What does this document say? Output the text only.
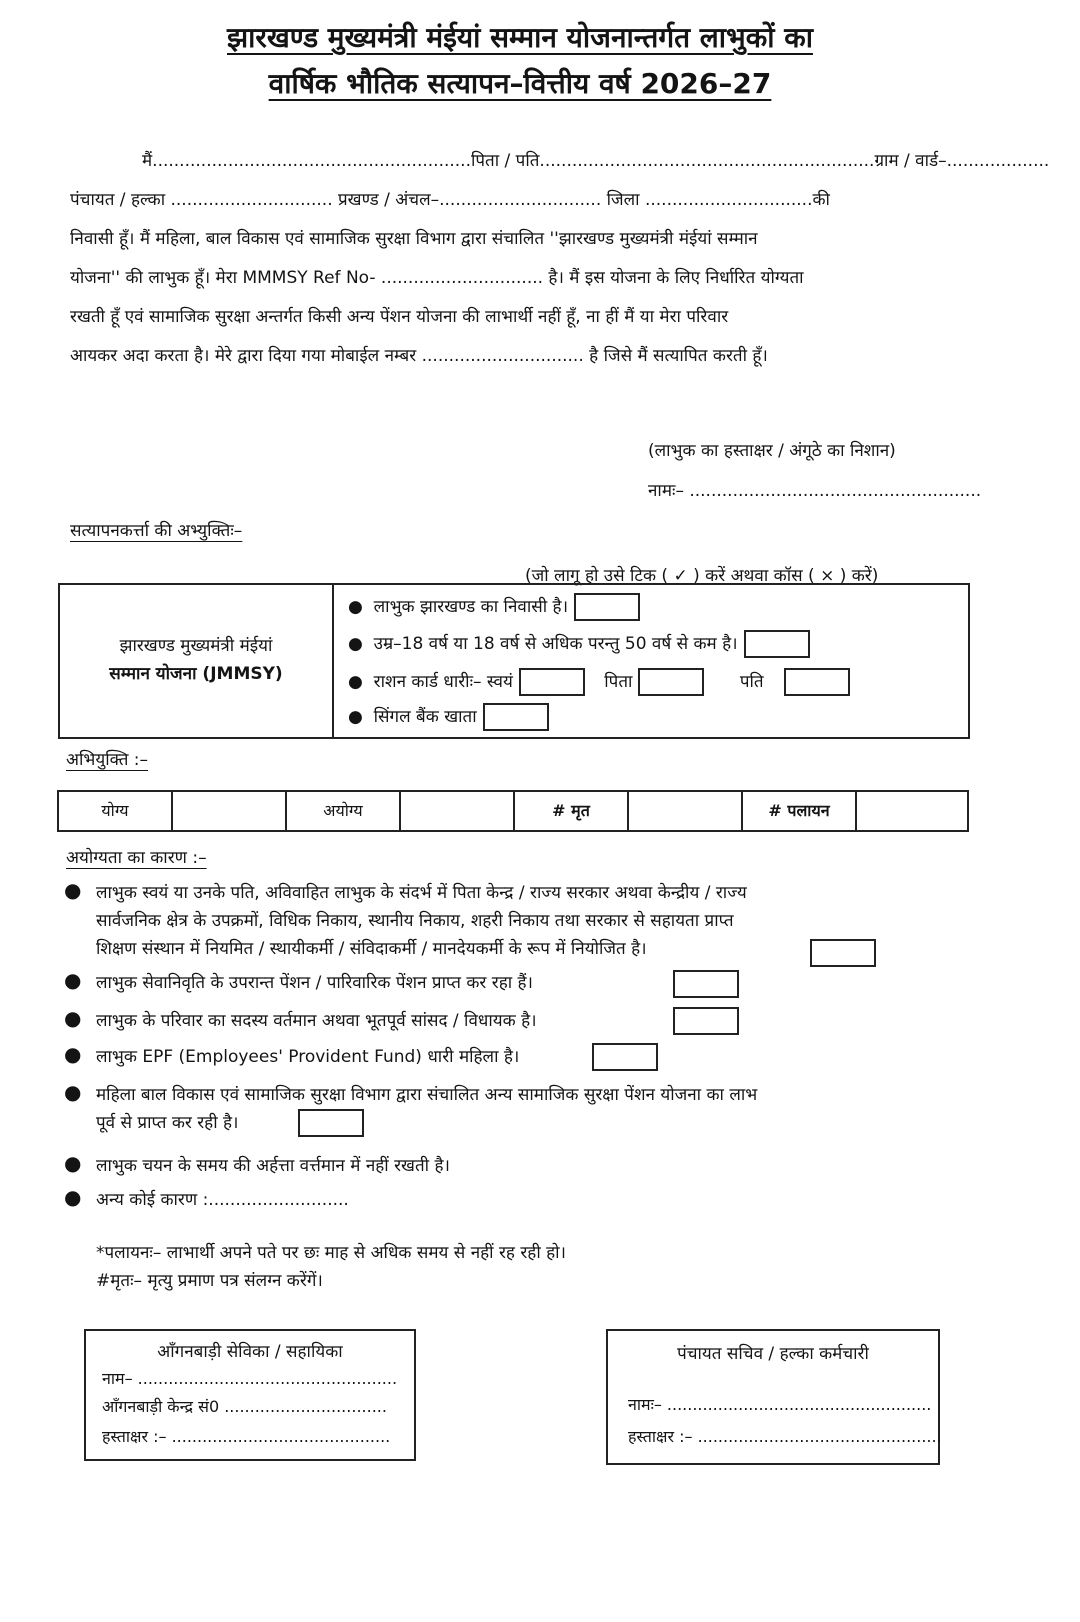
झारखण्ड मुख्यमंत्री मंईयां सम्मान योजनान्तर्गत लाभुकों का
वार्षिक भौतिक सत्यापन–वित्तीय वर्ष 2026–27
मैं...........................................................पिता / पति..............................................................ग्राम / वार्ड–...................
पंचायत / हल्का .............................. प्रखण्ड / अंचल–.............................. जिला ...............................की
निवासी हूँ। मैं महिला, बाल विकास एवं सामाजिक सुरक्षा विभाग द्वारा संचालित ''झारखण्ड मुख्यमंत्री मंईयां सम्मान
योजना'' की लाभुक हूँ। मेरा MMMSY Ref No- .............................. है। मैं इस योजना के लिए निर्धारित योग्यता
रखती हूँ एवं सामाजिक सुरक्षा अन्तर्गत किसी अन्य पेंशन योजना की लाभार्थी नहीं हूँ, ना हीं मैं या मेरा परिवार
आयकर अदा करता है। मेरे द्वारा दिया गया मोबाईल नम्बर .............................. है जिसे मैं सत्यापित करती हूँ।
(लाभुक का हस्ताक्षर / अंगूठे का निशान)
नामः– ......................................................
सत्यापनकर्त्ता की अभ्युक्तिः–
(जो लागू हो उसे टिक ( ✓ ) करें अथवा कॉस ( × ) करें)
झारखण्ड मुख्यमंत्री मंईयां
सम्मान योजना (JMMSY)
●  लाभुक झारखण्ड का निवासी है।
●  उम्र–18 वर्ष या 18 वर्ष से अधिक परन्तु 50 वर्ष से कम है।
●  राशन कार्ड धारीः– स्वयं	पिता	पति
●  सिंगल बैंक खाता
अभियुक्ति :–
योग्य	अयोग्य	# मृत	# पलायन
अयोग्यता का कारण :–
● लाभुक स्वयं या उनके पति, अविवाहित लाभुक के संदर्भ में पिता केन्द्र / राज्य सरकार अथवा केन्द्रीय / राज्य
सार्वजनिक क्षेत्र के उपक्रमों, विधिक निकाय, स्थानीय निकाय, शहरी निकाय तथा सरकार से सहायता प्राप्त
शिक्षण संस्थान में नियमित / स्थायीकर्मी / संविदाकर्मी / मानदेयकर्मी के रूप में नियोजित है।
● लाभुक सेवानिवृति के उपरान्त पेंशन / पारिवारिक पेंशन प्राप्त कर रहा हैं।
● लाभुक के परिवार का सदस्य वर्तमान अथवा भूतपूर्व सांसद / विधायक है।
● लाभुक EPF (Employees' Provident Fund) धारी महिला है।
● महिला बाल विकास एवं सामाजिक सुरक्षा विभाग द्वारा संचालित अन्य सामाजिक सुरक्षा पेंशन योजना का लाभ
पूर्व से प्राप्त कर रही है।
● लाभुक चयन के समय की अर्हत्ता वर्त्तमान में नहीं रखती है।
● अन्य कोई कारण :..........................
*पलायनः– लाभार्थी अपने पते पर छः माह से अधिक समय से नहीं रह रही हो।
#मृतः– मृत्यु प्रमाण पत्र संलग्न करेंगें।
आँगनबाड़ी सेविका / सहायिका
नाम– ...................................................
आँगनबाड़ी केन्द्र सं0 ................................
हस्ताक्षर :– ...........................................
पंचायत सचिव / हल्का कर्मचारी
नामः– ....................................................
हस्ताक्षर :– ................................................
